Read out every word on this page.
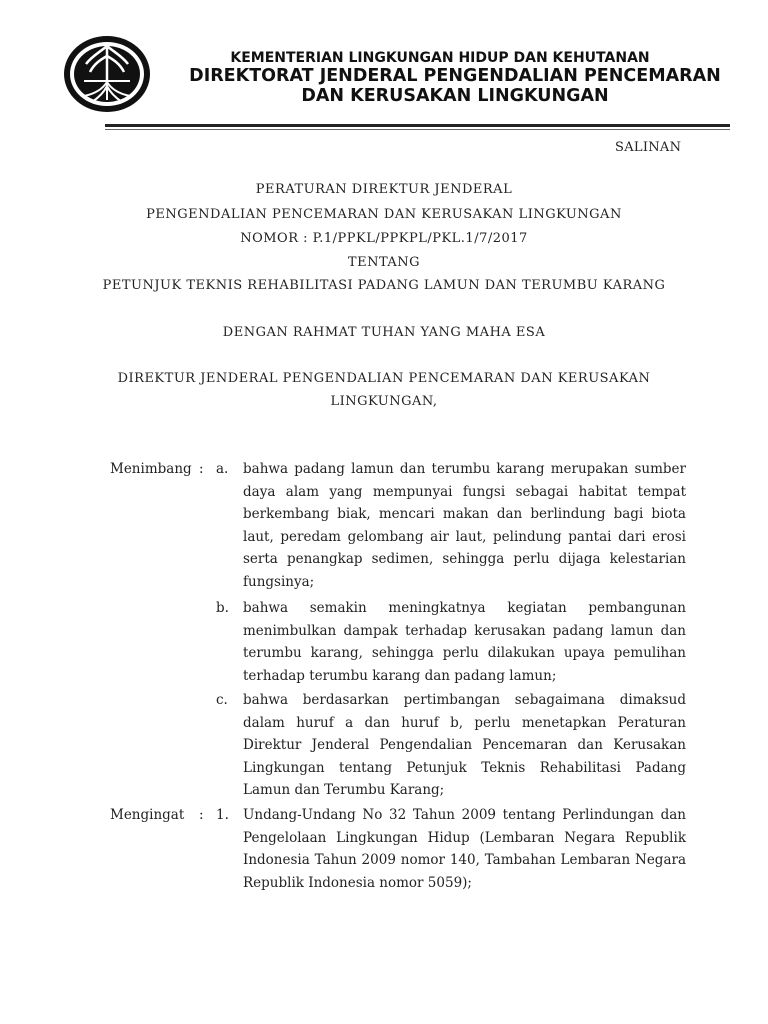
KEMENTERIAN LINGKUNGAN HIDUP DAN KEHUTANAN
DIREKTORAT JENDERAL PENGENDALIAN PENCEMARAN
DAN KERUSAKAN LINGKUNGAN
SALINAN
PERATURAN DIREKTUR JENDERAL
PENGENDALIAN PENCEMARAN DAN KERUSAKAN LINGKUNGAN
NOMOR : P.1/PPKL/PPKPL/PKL.1/7/2017
TENTANG
PETUNJUK TEKNIS REHABILITASI PADANG LAMUN DAN TERUMBU KARANG
DENGAN RAHMAT TUHAN YANG MAHA ESA
DIREKTUR JENDERAL PENGENDALIAN PENCEMARAN DAN KERUSAKAN
LINGKUNGAN,
Menimbang : a. bahwa padang lamun dan terumbu karang merupakan sumber daya alam yang mempunyai fungsi sebagai habitat tempat berkembang biak, mencari makan dan berlindung bagi biota laut, peredam gelombang air laut, pelindung pantai dari erosi serta penangkap sedimen, sehingga perlu dijaga kelestarian fungsinya;
b. bahwa semakin meningkatnya kegiatan pembangunan menimbulkan dampak terhadap kerusakan padang lamun dan terumbu karang, sehingga perlu dilakukan upaya pemulihan terhadap terumbu karang dan padang lamun;
c. bahwa berdasarkan pertimbangan sebagaimana dimaksud dalam huruf a dan huruf b, perlu menetapkan Peraturan Direktur Jenderal Pengendalian Pencemaran dan Kerusakan Lingkungan tentang Petunjuk Teknis Rehabilitasi Padang Lamun dan Terumbu Karang;
Mengingat : 1. Undang-Undang No 32 Tahun 2009 tentang Perlindungan dan Pengelolaan Lingkungan Hidup (Lembaran Negara Republik Indonesia Tahun 2009 nomor 140, Tambahan Lembaran Negara Republik Indonesia nomor 5059);
